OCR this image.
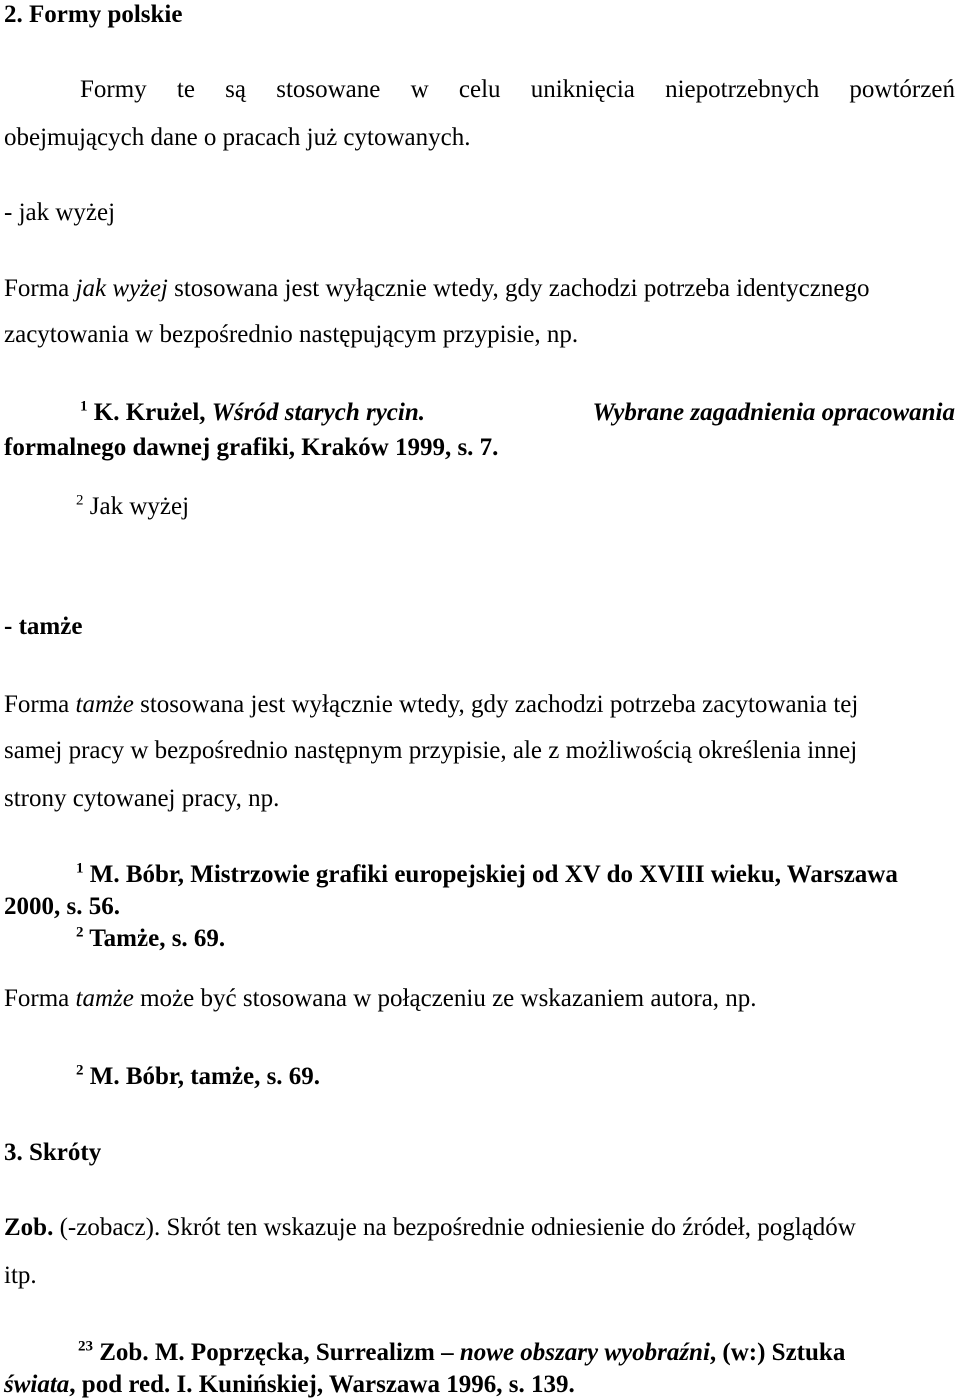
2. Formy polskie
Formy te są stosowane w celu uniknięcia niepotrzebnych powtórzeń
obejmujących dane o pracach już cytowanych.
- jak wyżej
Forma jak wyżej stosowana jest wyłącznie wtedy, gdy zachodzi potrzeba identycznego
zacytowania w bezpośrednio następującym przypisie, np.
$^1$ K. Krużel, Wśród starych rycin.	Wybrane zagadnienia opracowania
formalnego dawnej grafiki, Kraków 1999, s. 7.
$^2$ Jak wyżej
- tamże
Forma tamże stosowana jest wyłącznie wtedy, gdy zachodzi potrzeba zacytowania tej
samej pracy w bezpośrednio następnym przypisie, ale z możliwością określenia innej
strony cytowanej pracy, np.
$^1$ M. Bóbr, Mistrzowie grafiki europejskiej od XV do XVIII wieku, Warszawa
2000, s. 56.
$^2$ Tamże, s. 69.
Forma tamże może być stosowana w połączeniu ze wskazaniem autora, np.
$^2$ M. Bóbr, tamże, s. 69.
3. Skróty
Zob. (-zobacz). Skrót ten wskazuje na bezpośrednie odniesienie do źródeł, poglądów
itp.
$^{23}$ Zob. M. Poprzęcka, Surrealizm – nowe obszary wyobraźni, (w:) Sztuka
świata, pod red. I. Kunińskiej, Warszawa 1996, s. 139.
